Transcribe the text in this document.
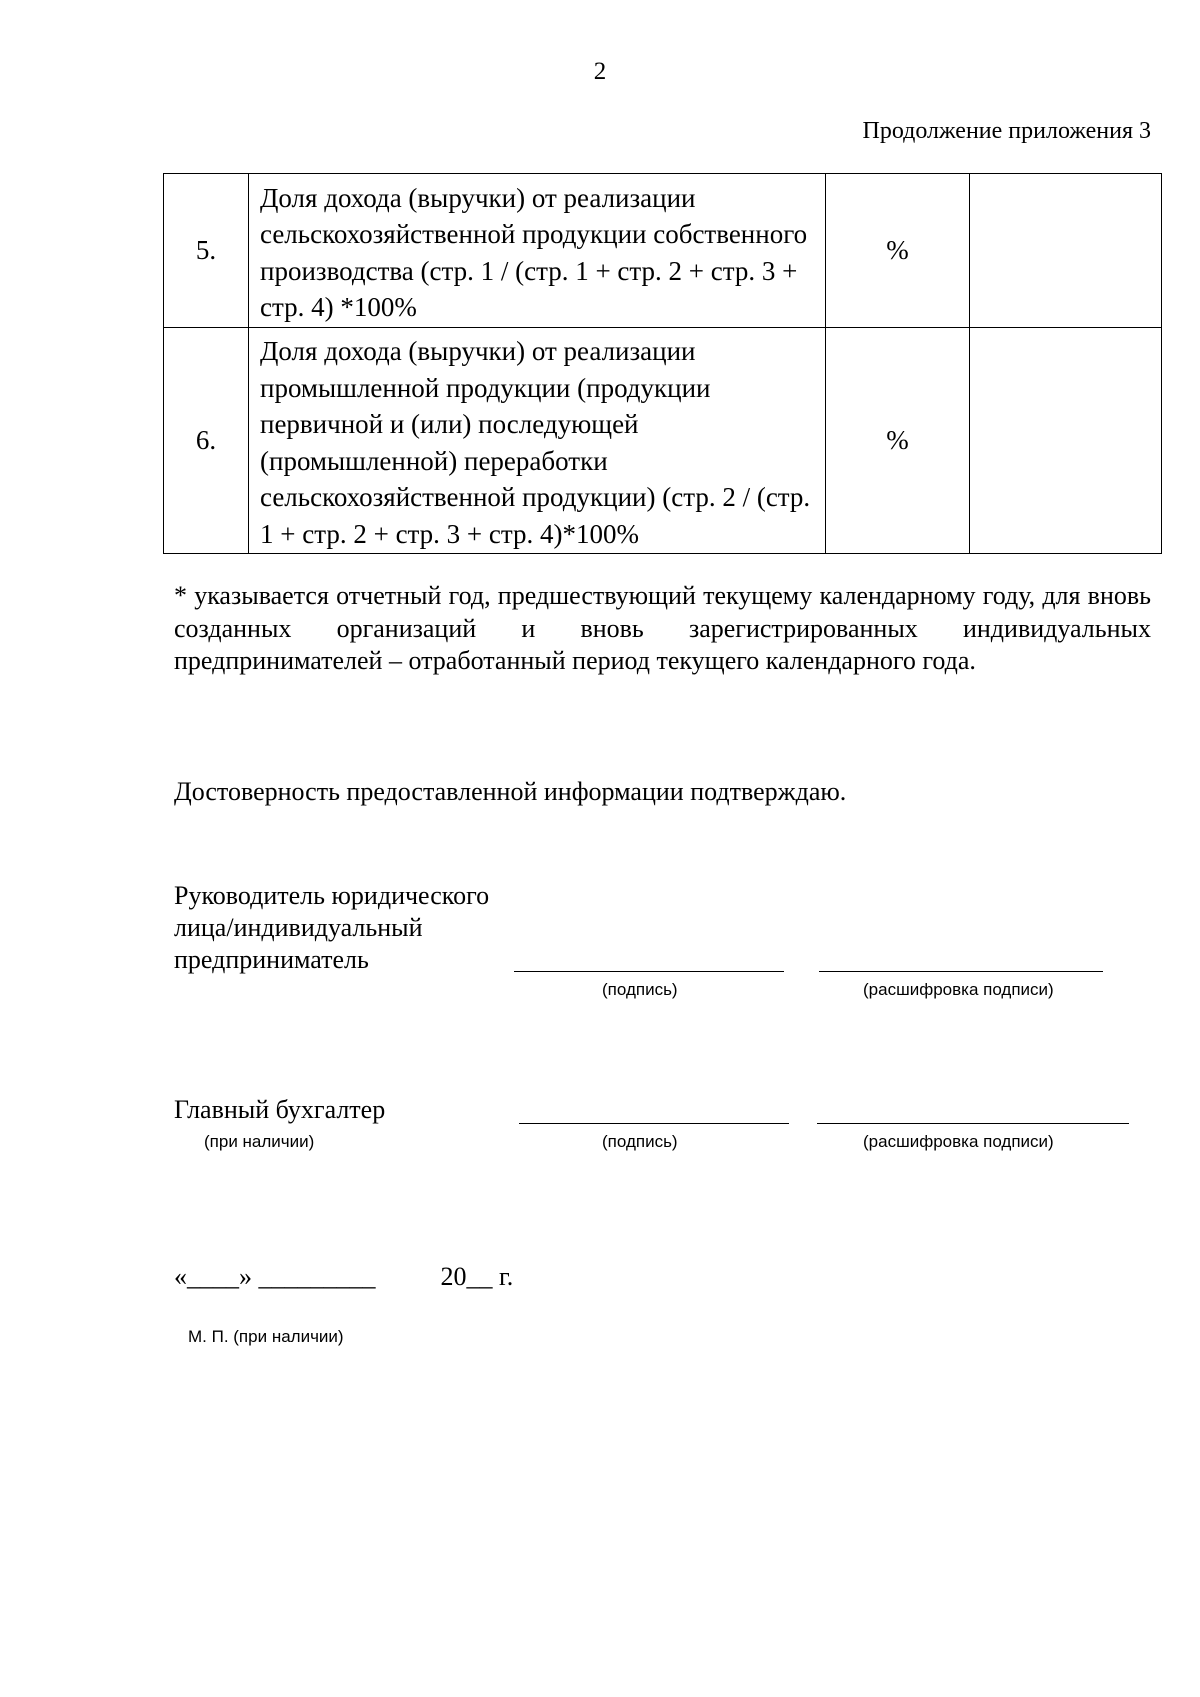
2
Продолжение приложения 3
5.	Доля дохода (выручки) от реализации сельскохозяйственной продукции собственного производства (стр. 1 / (стр. 1 + стр. 2 + стр. 3 + стр. 4) *100%	%	
6.	Доля дохода (выручки) от реализации промышленной продукции (продукции первичной и (или) последующей (промышленной) переработки сельскохозяйственной продукции) (стр. 2 / (стр. 1 + стр. 2 + стр. 3 + стр. 4)*100%	%	
* указывается отчетный год, предшествующий текущему календарному году, для вновь созданных организаций и вновь зарегистрированных индивидуальных предпринимателей – отработанный период текущего календарного года.
Достоверность предоставленной информации подтверждаю.
Руководитель юридического
лица/индивидуальный
предприниматель
(подпись)	(расшифровка подписи)
Главный бухгалтер
(при наличии)	(подпись)	(расшифровка подписи)
«____» _________          20__ г.
М. П. (при наличии)
